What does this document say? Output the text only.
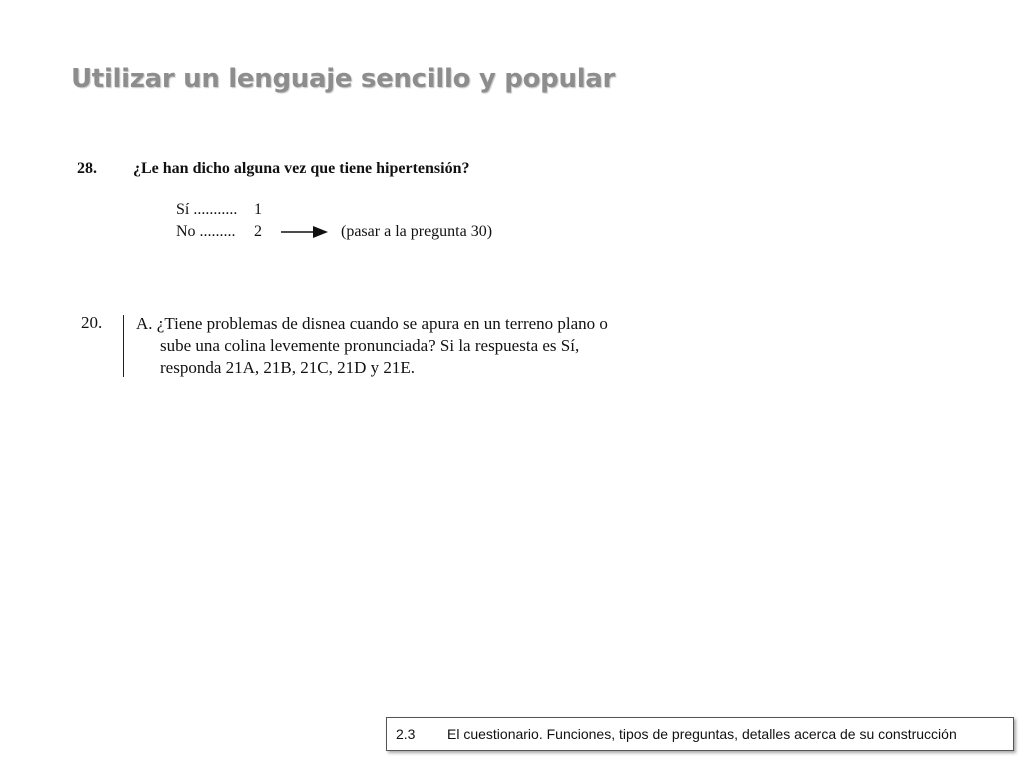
Utilizar un lenguaje sencillo y popular
28. ¿Le han dicho alguna vez que tiene hipertensión?
Sí ........... 1
No ......... 2	(pasar a la pregunta 30)
20. A. ¿Tiene problemas de disnea cuando se apura en un terreno plano o
sube una colina levemente pronunciada? Si la respuesta es Sí,
responda 21A, 21B, 21C, 21D y 21E.
2.3 El cuestionario. Funciones, tipos de preguntas, detalles acerca de su construcción
